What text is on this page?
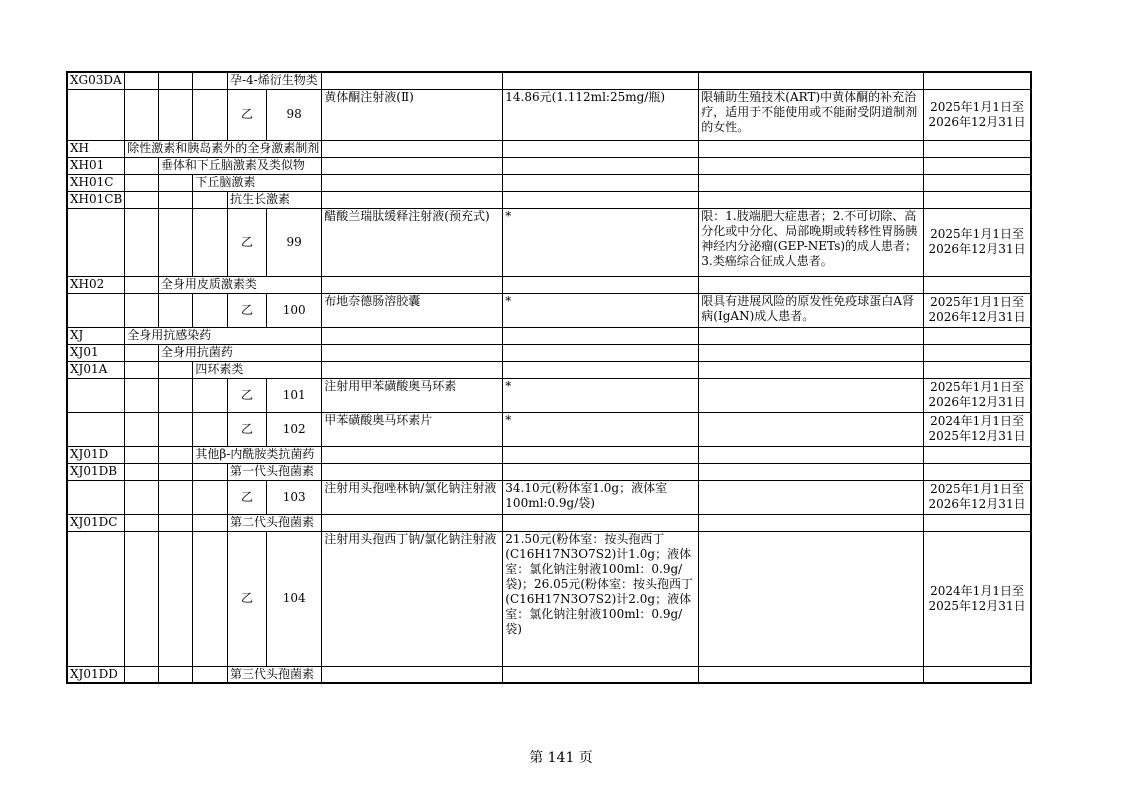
XG03DA				孕-4-烯衍生物类					
				乙	98	黄体酮注射液(Ⅱ)	14.86元(1.112ml:25mg/瓶)	限辅助生殖技术(ART)中黄体酮的补充治疗，适用于不能使用或不能耐受阴道制剂的女性。	2025年1月1日至2026年12月31日
XH	除性激素和胰岛素外的全身激素制剂								
XH01		垂体和下丘脑激素及类似物							
XH01C			下丘脑激素						
XH01CB				抗生长激素					
				乙	99	醋酸兰瑞肽缓释注射液(预充式)	*	限：1.肢端肥大症患者；2.不可切除、高分化或中分化、局部晚期或转移性胃肠胰神经内分泌瘤(GEP-NETs)的成人患者；3.类癌综合征成人患者。	2025年1月1日至2026年12月31日
XH02		全身用皮质激素类							
				乙	100	布地奈德肠溶胶囊	*	限具有进展风险的原发性免疫球蛋白A肾病(IgAN)成人患者。	2025年1月1日至2026年12月31日
XJ	全身用抗感染药								
XJ01		全身用抗菌药							
XJ01A			四环素类						
				乙	101	注射用甲苯磺酸奥马环素	*		2025年1月1日至2026年12月31日
				乙	102	甲苯磺酸奥马环素片	*		2024年1月1日至2025年12月31日
XJ01D			其他β-内酰胺类抗菌药						
XJ01DB				第一代头孢菌素					
				乙	103	注射用头孢唑林钠/氯化钠注射液	34.10元(粉体室1.0g；液体室100ml:0.9g/袋)		2025年1月1日至2026年12月31日
XJ01DC				第二代头孢菌素					
				乙	104	注射用头孢西丁钠/氯化钠注射液	21.50元(粉体室：按头孢西丁(C16H17N3O7S2)计1.0g；液体室：氯化钠注射液100ml：0.9g/袋)；26.05元(粉体室：按头孢西丁(C16H17N3O7S2)计2.0g；液体室：氯化钠注射液100ml：0.9g/袋)		2024年1月1日至2025年12月31日
XJ01DD				第三代头孢菌素					
第 141 页
